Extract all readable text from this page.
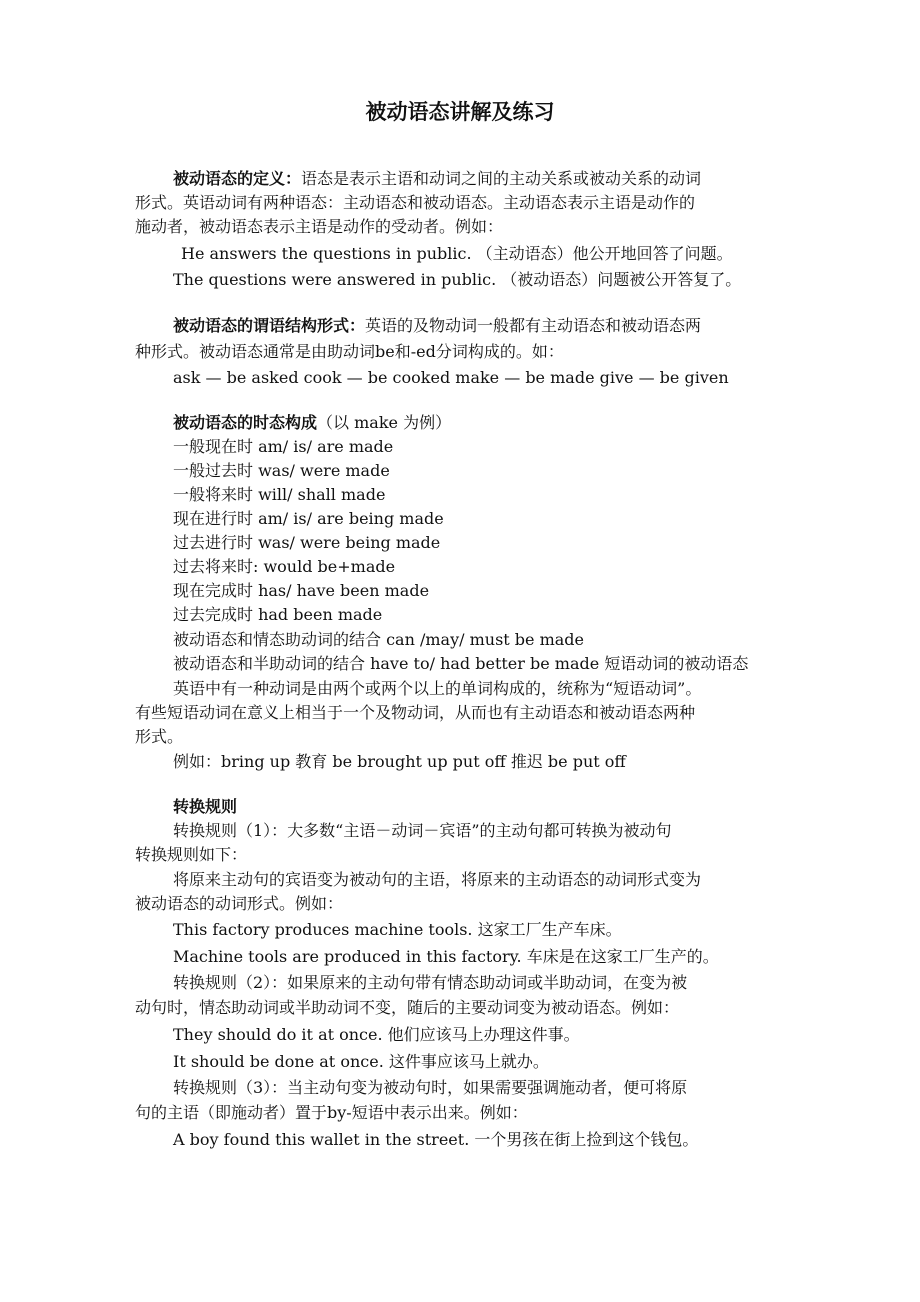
被动语态讲解及练习
被动语态的定义：语态是表示主语和动词之间的主动关系或被动关系的动词
形式。英语动词有两种语态：主动语态和被动语态。主动语态表示主语是动作的
施动者，被动语态表示主语是动作的受动者。例如：
He answers the questions in public. （主动语态）他公开地回答了问题。
The questions were answered in public. （被动语态）问题被公开答复了。
被动语态的谓语结构形式：英语的及物动词一般都有主动语态和被动语态两
种形式。被动语态通常是由助动词be和-ed分词构成的。如：
ask — be asked cook — be cooked make — be made give — be given
被动语态的时态构成（以 make 为例）
一般现在时 am/ is/ are made
一般过去时 was/ were made
一般将来时 will/ shall made
现在进行时 am/ is/ are being made
过去进行时 was/ were being made
过去将来时: would be+made
现在完成时 has/ have been made
过去完成时 had been made
被动语态和情态助动词的结合 can /may/ must be made
被动语态和半助动词的结合 have to/ had better be made 短语动词的被动语态
英语中有一种动词是由两个或两个以上的单词构成的，统称为“短语动词”。
有些短语动词在意义上相当于一个及物动词，从而也有主动语态和被动语态两种
形式。
例如：bring up 教育 be brought up put off 推迟 be put off
转换规则
转换规则（1）：大多数“主语－动词－宾语”的主动句都可转换为被动句
转换规则如下：
将原来主动句的宾语变为被动句的主语，将原来的主动语态的动词形式变为
被动语态的动词形式。例如：
This factory produces machine tools. 这家工厂生产车床。
Machine tools are produced in this factory. 车床是在这家工厂生产的。
转换规则（2）：如果原来的主动句带有情态助动词或半助动词，在变为被
动句时，情态助动词或半助动词不变，随后的主要动词变为被动语态。例如：
They should do it at once. 他们应该马上办理这件事。
It should be done at once. 这件事应该马上就办。
转换规则（3）：当主动句变为被动句时，如果需要强调施动者，便可将原
句的主语（即施动者）置于by-短语中表示出来。例如：
A boy found this wallet in the street. 一个男孩在街上捡到这个钱包。
